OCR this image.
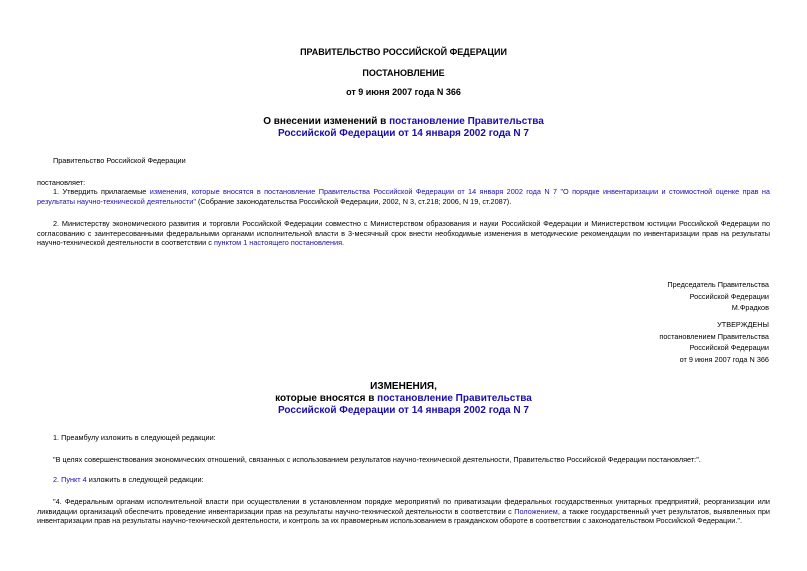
ПРАВИТЕЛЬСТВО РОССИЙСКОЙ ФЕДЕРАЦИИ
ПОСТАНОВЛЕНИЕ
от 9 июня 2007 года N 366
О внесении изменений в постановление Правительства
Российской Федерации от 14 января 2002 года N 7
Правительство Российской Федерации
постановляет:
1. Утвердить прилагаемые изменения, которые вносятся в постановление Правительства Российской Федерации от 14 января 2002 года N 7 "О порядке инвентаризации и стоимостной оценке прав на результаты научно-технической деятельности" (Собрание законодательства Российской Федерации, 2002, N 3, ст.218; 2006, N 19, ст.2087).
2. Министерству экономического развития и торговли Российской Федерации совместно с Министерством образования и науки Российской Федерации и Министерством юстиции Российской Федерации по согласованию с заинтересованными федеральными органами исполнительной власти в 3-месячный срок внести необходимые изменения в методические рекомендации по инвентаризации прав на результаты научно-технической деятельности в соответствии с пунктом 1 настоящего постановления.
Председатель Правительства
Российской Федерации
М.Фрадков
УТВЕРЖДЕНЫ
постановлением Правительства
Российской Федерации
от 9 июня 2007 года N 366
ИЗМЕНЕНИЯ,
которые вносятся в постановление Правительства
Российской Федерации от 14 января 2002 года N 7
1. Преамбулу изложить в следующей редакции:
"В целях совершенствования экономических отношений, связанных с использованием результатов научно-технической деятельности, Правительство Российской Федерации постановляет:".
2. Пункт 4 изложить в следующей редакции:
"4. Федеральным органам исполнительной власти при осуществлении в установленном порядке мероприятий по приватизации федеральных государственных унитарных предприятий, реорганизации или ликвидации организаций обеспечить проведение инвентаризации прав на результаты научно-технической деятельности в соответствии с Положением, а также государственный учет результатов, выявленных при инвентаризации прав на результаты научно-технической деятельности, и контроль за их правомерным использованием в гражданском обороте в соответствии с законодательством Российской Федерации.".
